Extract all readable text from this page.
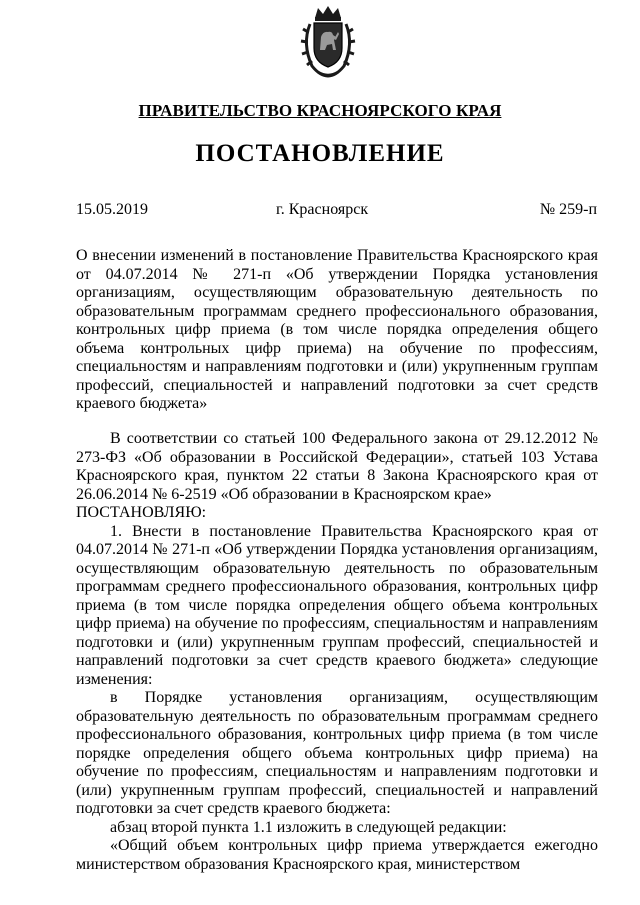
ПРАВИТЕЛЬСТВО КРАСНОЯРСКОГО КРАЯ
ПОСТАНОВЛЕНИЕ
15.05.2019	г. Красноярск	№ 259-п
О внесении изменений в постановление Правительства Красноярского края от 04.07.2014 № 271-п «Об утверждении Порядка установления организациям, осуществляющим образовательную деятельность по образовательным программам среднего профессионального образования, контрольных цифр приема (в том числе порядка определения общего объема контрольных цифр приема) на обучение по профессиям, специальностям и направлениям подготовки и (или) укрупненным группам профессий, специальностей и направлений подготовки за счет средств краевого бюджета»

В соответствии со статьей 100 Федерального закона от 29.12.2012 № 273-ФЗ «Об образовании в Российской Федерации», статьей 103 Устава Красноярского края, пунктом 22 статьи 8 Закона Красноярского края от 26.06.2014 № 6-2519 «Об образовании в Красноярском крае»

ПОСТАНОВЛЯЮ:

1. Внести в постановление Правительства Красноярского края от 04.07.2014 № 271-п «Об утверждении Порядка установления организациям, осуществляющим образовательную деятельность по образовательным программам среднего профессионального образования, контрольных цифр приема (в том числе порядка определения общего объема контрольных цифр приема) на обучение по профессиям, специальностям и направлениям подготовки и (или) укрупненным группам профессий, специальностей и направлений подготовки за счет средств краевого бюджета» следующие изменения:

в Порядке установления организациям, осуществляющим образовательную деятельность по образовательным программам среднего профессионального образования, контрольных цифр приема (в том числе порядке определения общего объема контрольных цифр приема) на обучение по профессиям, специальностям и направлениям подготовки и (или) укрупненным группам профессий, специальностей и направлений подготовки за счет средств краевого бюджета:

абзац второй пункта 1.1 изложить в следующей редакции:

«Общий объем контрольных цифр приема утверждается ежегодно министерством образования Красноярского края, министерством
